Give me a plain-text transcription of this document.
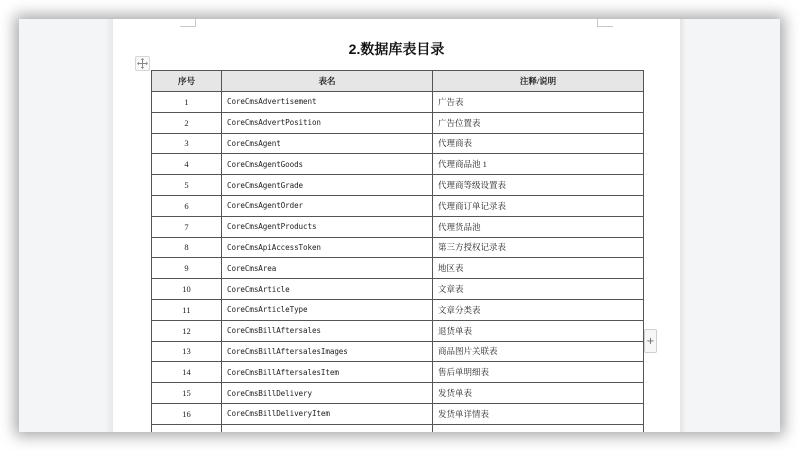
2.数据库表目录
序号	表名	注释/说明
1	CoreCmsAdvertisement	广告表
2	CoreCmsAdvertPosition	广告位置表
3	CoreCmsAgent	代理商表
4	CoreCmsAgentGoods	代理商品池 1
5	CoreCmsAgentGrade	代理商等级设置表
6	CoreCmsAgentOrder	代理商订单记录表
7	CoreCmsAgentProducts	代理货品池
8	CoreCmsApiAccessToken	第三方授权记录表
9	CoreCmsArea	地区表
10	CoreCmsArticle	文章表
11	CoreCmsArticleType	文章分类表
12	CoreCmsBillAftersales	退货单表
13	CoreCmsBillAftersalesImages	商品图片关联表
14	CoreCmsBillAftersalesItem	售后单明细表
15	CoreCmsBillDelivery	发货单表
16	CoreCmsBillDeliveryItem	发货单详情表

+
